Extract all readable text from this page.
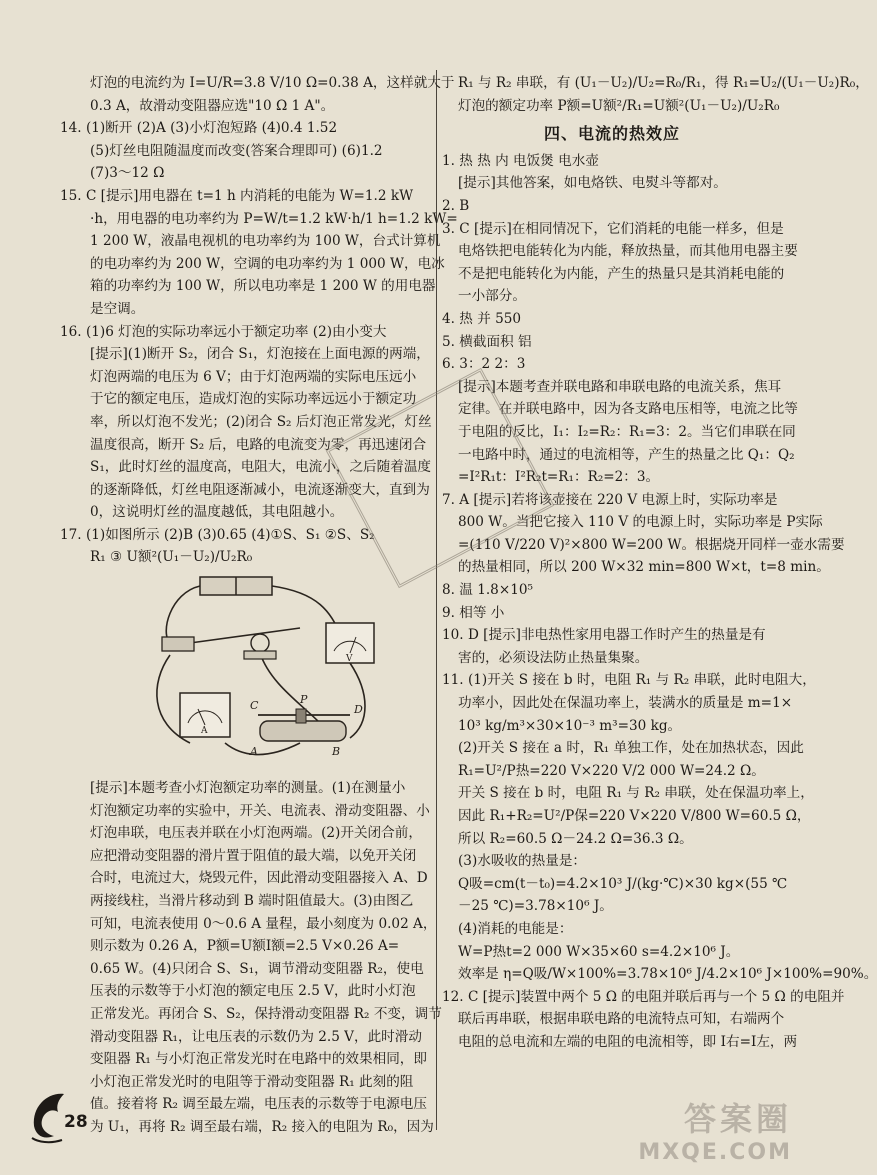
灯泡的电流约为 I=U/R=3.8 V/10 Ω=0.38 A，这样就大于
0.3 A，故滑动变阻器应选"10 Ω 1 A"。
14. (1)断开 (2)A (3)小灯泡短路 (4)0.4 1.52
(5)灯丝电阻随温度而改变(答案合理即可) (6)1.2
(7)3～12 Ω
15. C [提示]用电器在 t=1 h 内消耗的电能为 W=1.2 kW
·h，用电器的电功率约为 P=W/t=1.2 kW·h/1 h=1.2 kW=
1 200 W，液晶电视机的电功率约为 100 W，台式计算机
的电功率约为 200 W，空调的电功率约为 1 000 W，电冰
箱的功率约为 100 W，所以电功率是 1 200 W 的用电器
是空调。
16. (1)6 灯泡的实际功率远小于额定功率 (2)由小变大
[提示](1)断开 S₂，闭合 S₁，灯泡接在上面电源的两端，
灯泡两端的电压为 6 V；由于灯泡两端的实际电压远小
于它的额定电压，造成灯泡的实际功率远远小于额定功
率，所以灯泡不发光；(2)闭合 S₂ 后灯泡正常发光，灯丝
温度很高，断开 S₂ 后，电路的电流变为零，再迅速闭合
S₁，此时灯丝的温度高，电阻大，电流小，之后随着温度
的逐渐降低，灯丝电阻逐渐减小，电流逐渐变大，直到为
0，这说明灯丝的温度越低，其电阻越小。
17. (1)如图所示 (2)B (3)0.65 (4)①S、S₁ ②S、S₂
R₁ ③ U额²(U₁－U₂)/U₂R₀
V
A
C	P
D
A	B
[提示]本题考查小灯泡额定功率的测量。(1)在测量小
灯泡额定功率的实验中，开关、电流表、滑动变阻器、小
灯泡串联，电压表并联在小灯泡两端。(2)开关闭合前，
应把滑动变阻器的滑片置于阻值的最大端，以免开关闭
合时，电流过大，烧毁元件，因此滑动变阻器接入 A、D
两接线柱，当滑片移动到 B 端时阻值最大。(3)由图乙
可知，电流表使用 0～0.6 A 量程，最小刻度为 0.02 A，
则示数为 0.26 A，P额=U额I额=2.5 V×0.26 A=
0.65 W。(4)只闭合 S、S₁，调节滑动变阻器 R₂，使电
压表的示数等于小灯泡的额定电压 2.5 V，此时小灯泡
正常发光。再闭合 S、S₂，保持滑动变阻器 R₂ 不变，调节
滑动变阻器 R₁，让电压表的示数仍为 2.5 V，此时滑动
变阻器 R₁ 与小灯泡正常发光时在电路中的效果相同，即
小灯泡正常发光时的电阻等于滑动变阻器 R₁ 此刻的阻
值。接着将 R₂ 调至最左端，电压表的示数等于电源电压
为 U₁，再将 R₂ 调至最右端，R₂ 接入的电阻为 R₀，因为
R₁ 与 R₂ 串联，有 (U₁－U₂)/U₂=R₀/R₁，得 R₁=U₂/(U₁－U₂)R₀，
灯泡的额定功率 P额=U额²/R₁=U额²(U₁－U₂)/U₂R₀
四、电流的热效应
1. 热 热 内 电饭煲 电水壶
[提示]其他答案，如电烙铁、电熨斗等都对。
2. B
3. C [提示]在相同情况下，它们消耗的电能一样多，但是
电烙铁把电能转化为内能，释放热量，而其他用电器主要
不是把电能转化为内能，产生的热量只是其消耗电能的
一小部分。
4. 热 并 550
5. 横截面积 铝
6. 3：2 2：3
[提示]本题考查并联电路和串联电路的电流关系，焦耳
定律。在并联电路中，因为各支路电压相等，电流之比等
于电阻的反比，I₁：I₂=R₂：R₁=3：2。当它们串联在同
一电路中时，通过的电流相等，产生的热量之比 Q₁：Q₂
=I²R₁t：I²R₂t=R₁：R₂=2：3。
7. A [提示]若将该壶接在 220 V 电源上时，实际功率是
800 W。当把它接入 110 V 的电源上时，实际功率是 P实际
=(110 V/220 V)²×800 W=200 W。根据烧开同样一壶水需要
的热量相同，所以 200 W×32 min=800 W×t，t=8 min。
8. 温 1.8×10⁵
9. 相等 小
10. D [提示]非电热性家用电器工作时产生的热量是有
害的，必须设法防止热量集聚。
11. (1)开关 S 接在 b 时，电阻 R₁ 与 R₂ 串联，此时电阻大，
功率小，因此处在保温功率上，装满水的质量是 m=1×
10³ kg/m³×30×10⁻³ m³=30 kg。
(2)开关 S 接在 a 时，R₁ 单独工作，处在加热状态，因此
R₁=U²/P热=220 V×220 V/2 000 W=24.2 Ω。
开关 S 接在 b 时，电阻 R₁ 与 R₂ 串联，处在保温功率上，
因此 R₁+R₂=U²/P保=220 V×220 V/800 W=60.5 Ω，
所以 R₂=60.5 Ω－24.2 Ω=36.3 Ω。
(3)水吸收的热量是：
Q吸=cm(t－t₀)=4.2×10³ J/(kg·℃)×30 kg×(55 ℃
－25 ℃)=3.78×10⁶ J。
(4)消耗的电能是：
W=P热t=2 000 W×35×60 s=4.2×10⁶ J。
效率是 η=Q吸/W×100%=3.78×10⁶ J/4.2×10⁶ J×100%=90%。
12. C [提示]装置中两个 5 Ω 的电阻并联后再与一个 5 Ω 的电阻并
联后再串联，根据串联电路的电流特点可知，右端两个
电阻的总电流和左端的电阻的电流相等，即 I右=I左，两
28	答案圈
MXQE.COM
